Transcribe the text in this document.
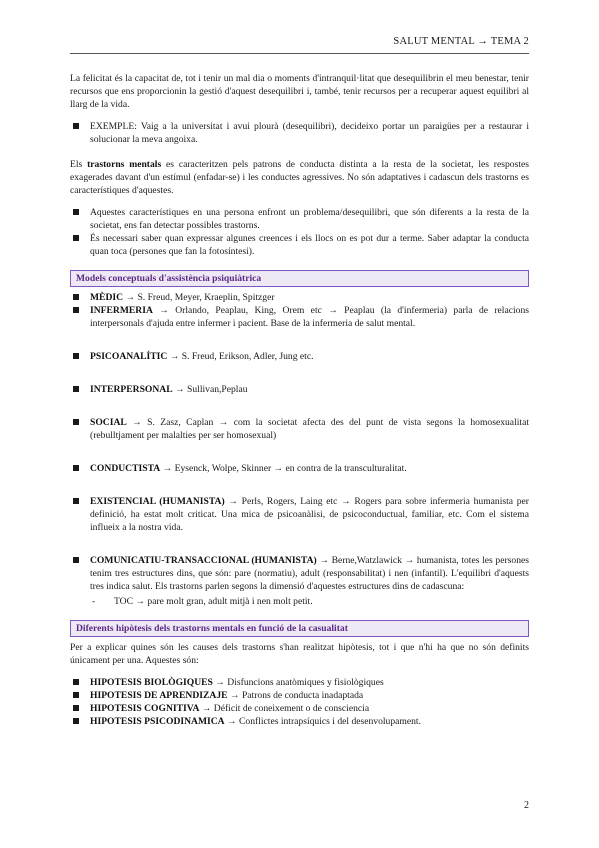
SALUT MENTAL → TEMA 2

La felicitat és la capacitat de, tot i tenir un mal dia o moments d'intranquil·litat que desequilibrin el meu benestar, tenir recursos que ens proporcionin la gestió d'aquest desequilibri i, també, tenir recursos per a recuperar aquest equilibri al llarg de la vida.

EXEMPLE: Vaig a la universitat i avui plourà (desequilibri), decideixo portar un paraigües per a restaurar i solucionar la meva angoixa.

Els trastorns mentals es caracteritzen pels patrons de conducta distinta a la resta de la societat, les respostes exagerades davant d'un estímul (enfadar-se) i les conductes agressives. No són adaptatives i cadascun dels trastorns es característiques d'aquestes.

Aquestes característiques en una persona enfront un problema/desequilibri, que són diferents a la resta de la societat, ens fan detectar possibles trastorns.
És necessari saber quan expressar algunes creences i els llocs on es pot dur a terme. Saber adaptar la conducta quan toca (persones que fan la fotosíntesi).
Models conceptuals d'assistència psiquiàtrica
MÈDIC → S. Freud, Meyer, Kraeplin, Spitzger
INFERMERIA → Orlando, Peaplau, King, Orem etc → Peaplau (la d'infermeria) parla de relacions interpersonals d'ajuda entre infermer i pacient. Base de la infermeria de salut mental.
PSICOANALÍTIC → S. Freud, Erikson, Adler, Jung etc.
INTERPERSONAL → Sullivan,Peplau
SOCIAL → S. Zasz, Caplan → com la societat afecta des del punt de vista segons la homosexualitat (rebulltjament per malalties per ser homosexual)
CONDUCTISTA → Eysenck, Wolpe, Skinner → en contra de la transculturalitat.
EXISTENCIAL (HUMANISTA) → Perls, Rogers, Laing etc → Rogers para sobre infermeria humanista per definició, ha estat molt criticat. Una mica de psicoanàlisi, de psicoconductual, familiar, etc. Com el sistema influeix a la nostra vida.
COMUNICATIU-TRANSACCIONAL (HUMANISTA) → Berne,Watzlawick → humanista, totes les persones tenim tres estructures dins, que són: pare (normatiu), adult (responsabilitat) i nen (infantil). L'equilibri d'aquests tres indica salut. Els trastorns parlen segons la dimensió d'aquestes estructures dins de cadascuna:
- TOC → pare molt gran, adult mitjà i nen molt petit.
Diferents hipòtesis dels trastorns mentals en funció de la casualitat

Per a explicar quines són les causes dels trastorns s'han realitzat hipòtesis, tot i que n'hi ha que no són definits únicament per una. Aquestes són:

HIPOTESIS BIOLÒGIQUES → Disfuncions anatòmiques y fisiològiques
HIPOTESIS DE APRENDIZAJE → Patrons de conducta inadaptada
HIPOTESIS COGNITIVA → Déficit de coneixement o de consciencia
HIPOTESIS PSICODINAMICA → Conflictes intrapsíquics i del desenvolupament.
2
